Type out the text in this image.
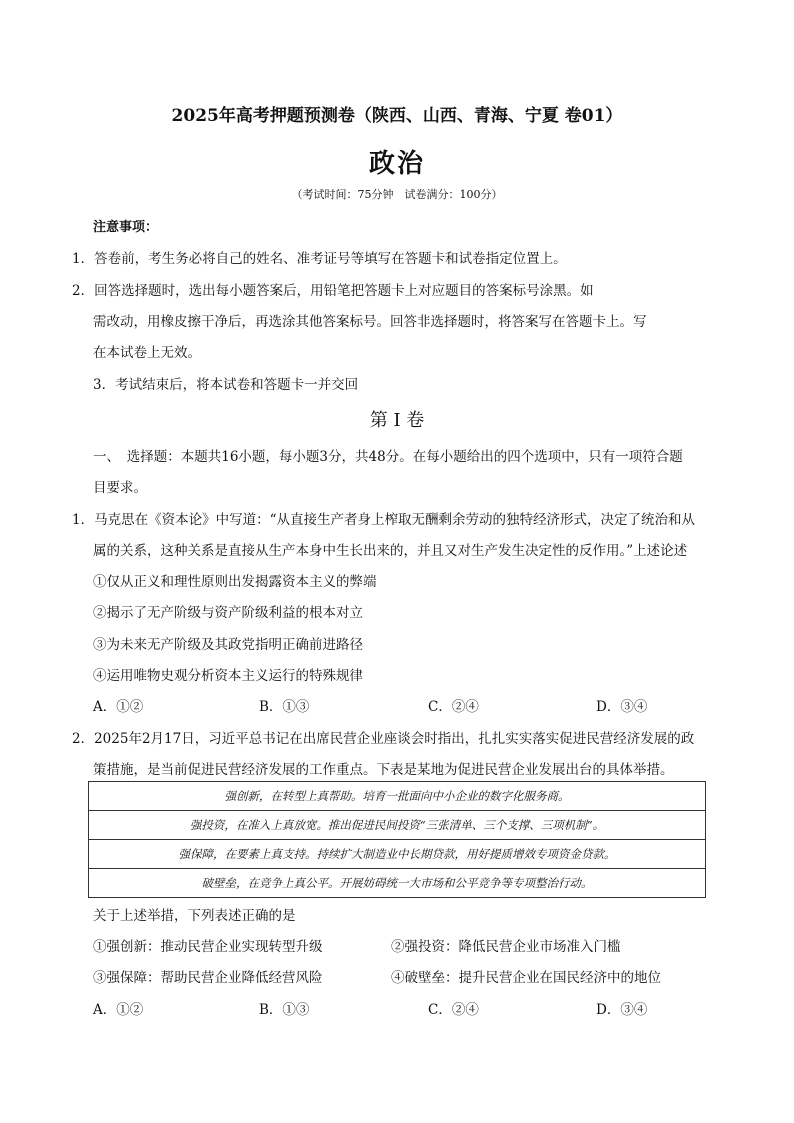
2025年高考押题预测卷（陕西、山西、青海、宁夏 卷01）
政治
（考试时间：75分钟　试卷满分：100分）
注意事项：
1．答卷前，考生务必将自己的姓名、准考证号等填写在答题卡和试卷指定位置上。
2．回答选择题时，选出每小题答案后，用铅笔把答题卡上对应题目的答案标号涂黑。如
需改动，用橡皮擦干净后，再选涂其他答案标号。回答非选择题时，将答案写在答题卡上。写
在本试卷上无效。
3．考试结束后，将本试卷和答题卡一并交回
第 I 卷
一、　选择题：本题共16小题，每小题3分，共48分。在每小题给出的四个选项中，只有一项符合题
目要求。
1．马克思在《资本论》中写道：“从直接生产者身上榨取无酬剩余劳动的独特经济形式，决定了统治和从
属的关系，这种关系是直接从生产本身中生长出来的，并且又对生产发生决定性的反作用。”上述论述
①仅从正义和理性原则出发揭露资本主义的弊端
②揭示了无产阶级与资产阶级利益的根本对立
③为未来无产阶级及其政党指明正确前进路径
④运用唯物史观分析资本主义运行的特殊规律
A．①②	B．①③	C．②④	D．③④
2．2025年2月17日，习近平总书记在出席民营企业座谈会时指出，扎扎实实落实促进民营经济发展的政
策措施，是当前促进民营经济发展的工作重点。下表是某地为促进民营企业发展出台的具体举措。
强创新，在转型上真帮助。培育一批面向中小企业的数字化服务商。
强投资，在准入上真放宽。推出促进民间投资“三张清单、三个支撑、三项机制”。
强保障，在要素上真支持。持续扩大制造业中长期贷款，用好提质增效专项资金贷款。
破壁垒，在竞争上真公平。开展妨碍统一大市场和公平竞争等专项整治行动。
关于上述举措，下列表述正确的是
①强创新：推动民营企业实现转型升级	②强投资：降低民营企业市场准入门槛
③强保障：帮助民营企业降低经营风险	④破壁垒：提升民营企业在国民经济中的地位
A．①②	B．①③	C．②④	D．③④
